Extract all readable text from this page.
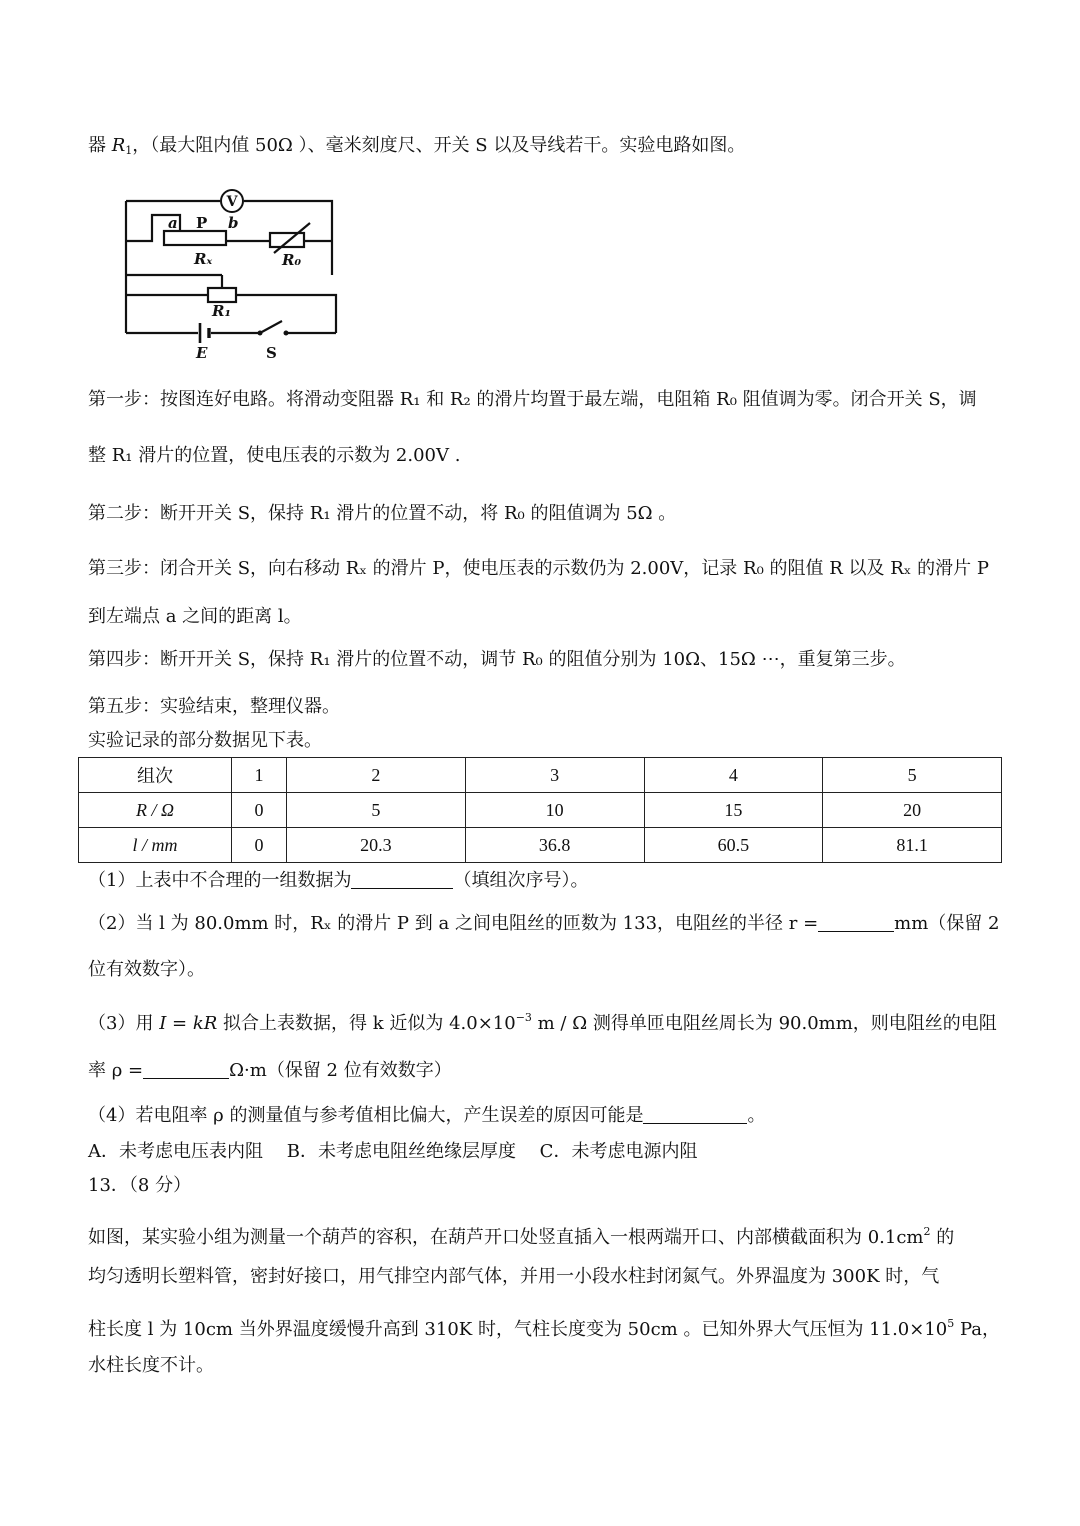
器 $R_1$，（最大阻内值 50Ω ）、毫米刻度尺、开关 S 以及导线若干。实验电路如图。
V
a P b
Rₓ	R₀
R₁
E	S
第一步：按图连好电路。将滑动变阻器 R₁ 和 R₂ 的滑片均置于最左端，电阻箱 R₀ 阻值调为零。闭合开关 S，调
整 R₁ 滑片的位置，使电压表的示数为 2.00V .
第二步：断开开关 S，保持 R₁ 滑片的位置不动，将 R₀ 的阻值调为 5Ω 。
第三步：闭合开关 S，向右移动 Rₓ 的滑片 P，使电压表的示数仍为 2.00V，记录 R₀ 的阻值 R 以及 Rₓ 的滑片 P
到左端点 a 之间的距离 l。
第四步：断开开关 S，保持 R₁ 滑片的位置不动，调节 R₀ 的阻值分别为 10Ω、15Ω ⋯，重复第三步。
第五步：实验结束，整理仪器。
实验记录的部分数据见下表。
组次	1	2	3	4	5
R / Ω	0	5	10	15	20
l / mm	0	20.3	36.8	60.5	81.1
（1）上表中不合理的一组数据为	（填组次序号）。
（2）当 l 为 80.0mm 时，Rₓ 的滑片 P 到 a 之间电阻丝的匝数为 133，电阻丝的半径 r =	mm（保留 2
位有效数字）。
（3）用 I = kR 拟合上表数据，得 k 近似为 $4.0\times 10^{-3}$ m / Ω 测得单匝电阻丝周长为 90.0mm，则电阻丝的电阻
率 ρ =	Ω·m（保留 2 位有效数字）
（4）若电阻率 ρ 的测量值与参考值相比偏大，产生误差的原因可能是	。
A．未考虑电压表内阻　 B．未考虑电阻丝绝缘层厚度　 C．未考虑电源内阻
13．（8 分）
如图，某实验小组为测量一个葫芦的容积，在葫芦开口处竖直插入一根两端开口、内部横截面积为 $0.1cm^2$ 的
均匀透明长塑料管，密封好接口，用气排空内部气体，并用一小段水柱封闭氮气。外界温度为 300K 时，气
柱长度 l 为 10cm 当外界温度缓慢升高到 310K 时，气柱长度变为 50cm 。已知外界大气压恒为 $11.0\times 10^5$ Pa，
水柱长度不计。
